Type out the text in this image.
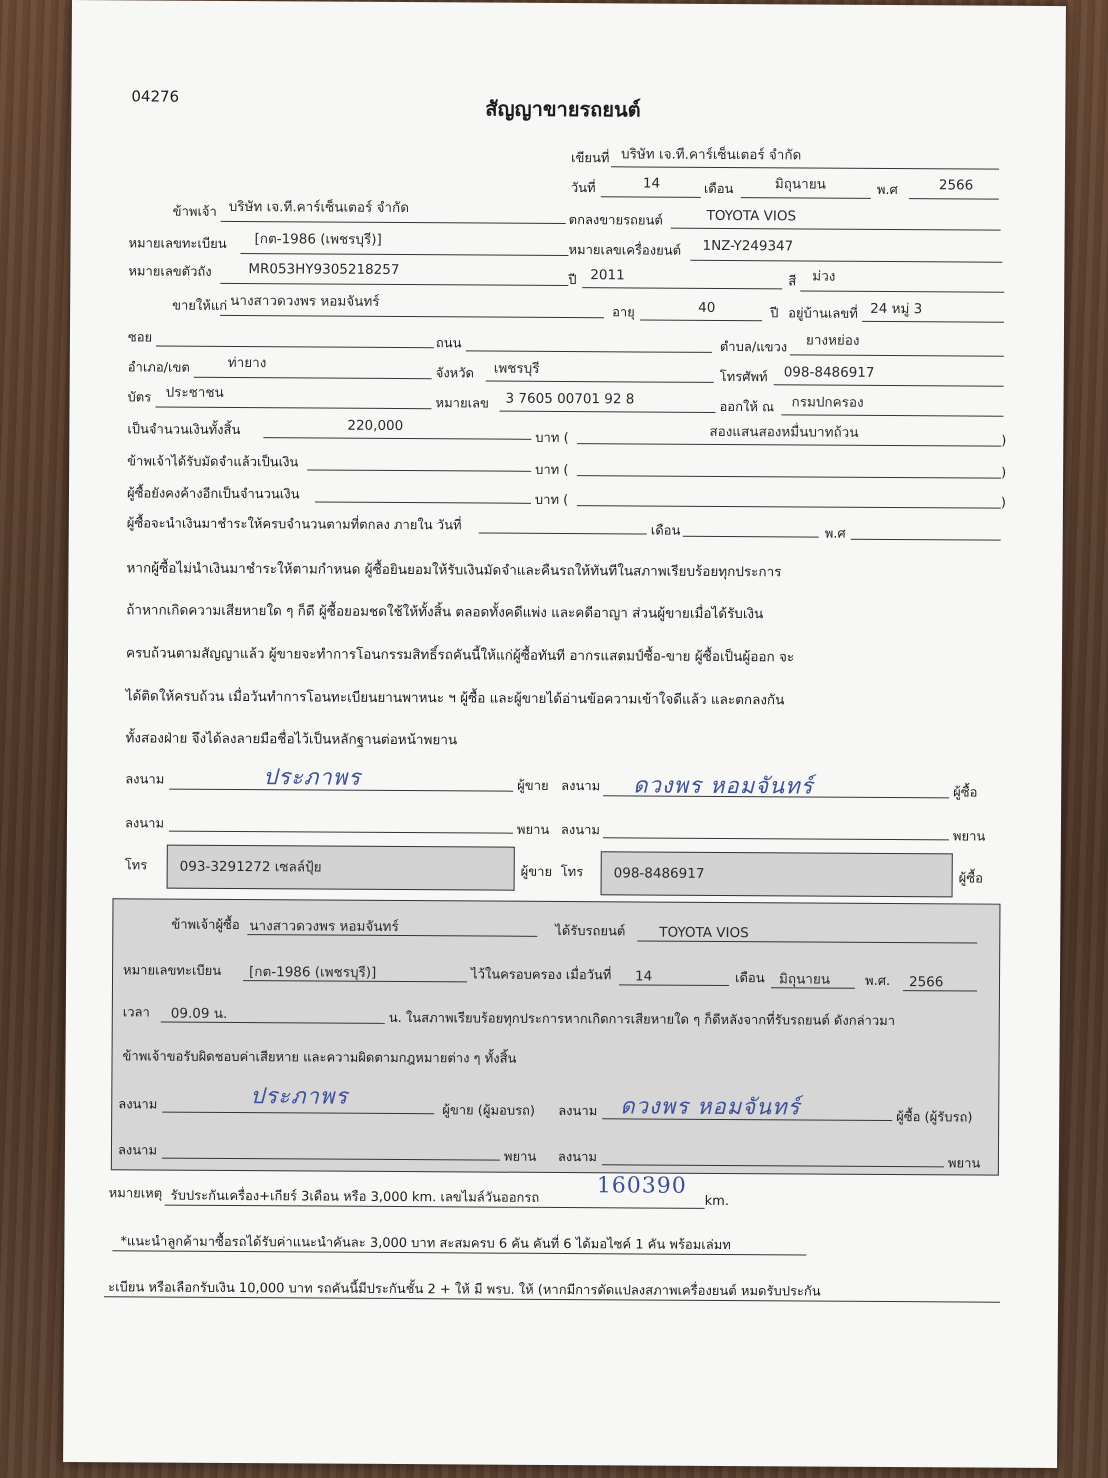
04276
สัญญาขายรถยนต์
เขียนที่ บริษัท เจ.ที.คาร์เซ็นเตอร์ จำกัด
วันที่	14	เดือน	มิถุนายน	พ.ศ	2566
ข้าพเจ้า บริษัท เจ.ที.คาร์เซ็นเตอร์ จำกัด
ตกลงขายรถยนต์	TOYOTA VIOS
หมายเลขทะเบียน [กต-1986 (เพชรบุรี)]
หมายเลขเครื่องยนต์ 1NZ-Y249347
หมายเลขตัวถัง	MR053HY9305218257
ปี 2011	สี ม่วง
ขายให้แก่ นางสาวดวงพร หอมจันทร์
อายุ	40	ปี อยู่บ้านเลขที่ 24 หมู่ 3
ซอย	ถนน	ตำบล/แขวง ยางหย่อง
อำเภอ/เขต	ท่ายาง
จังหวัด เพชรบุรี
โทรศัพท์ 098-8486917
บัตร ประชาชน
หมายเลข 3 7605 00701 92 8
ออกให้ ณ กรมปกครอง
เป็นจำนวนเงินทั้งสิ้น	220,000
บาท (	สองแสนสองหมื่นบาทถ้วน
)
ข้าพเจ้าได้รับมัดจำแล้วเป็นเงิน
บาท (	)
ผู้ซื้อยังคงค้างอีกเป็นจำนวนเงิน	บาท (	)
ผู้ซื้อจะนำเงินมาชำระให้ครบจำนวนตามที่ตกลง ภายใน วันที่	เดือน	พ.ศ
หากผู้ซื้อไม่นำเงินมาชำระให้ตามกำหนด ผู้ซื้อยินยอมให้รับเงินมัดจำและคืนรถให้ทันทีในสภาพเรียบร้อยทุกประการ
ถ้าหากเกิดความเสียหายใด ๆ ก็ดี ผู้ซื้อยอมชดใช้ให้ทั้งสิ้น ตลอดทั้งคดีแพ่ง และคดีอาญา ส่วนผู้ขายเมื่อได้รับเงิน
ครบถ้วนตามสัญญาแล้ว ผู้ขายจะทำการโอนกรรมสิทธิ์รถคันนี้ให้แก่ผู้ซื้อทันที อากรแสตมป์ซื้อ-ขาย ผู้ซื้อเป็นผู้ออก จะ
ได้ติดให้ครบถ้วน เมื่อวันทำการโอนทะเบียนยานพาหนะ ฯ ผู้ซื้อ และผู้ขายได้อ่านข้อความเข้าใจดีแล้ว และตกลงกัน
ทั้งสองฝ่าย จึงได้ลงลายมือชื่อไว้เป็นหลักฐานต่อหน้าพยาน
ลงนาม	ประภาพร	ผู้ขาย ลงนาม ดวงพร หอมจันทร์	ผู้ซื้อ
ลงนาม	พยาน ลงนาม	พยาน
โทร 093-3291272 เซลล์ปุ้ย	ผู้ขาย โทร 098-8486917	ผู้ซื้อ
ข้าพเจ้าผู้ซื้อ นางสาวดวงพร หอมจันทร์	ได้รับรถยนต์	TOYOTA VIOS
หมายเลขทะเบียน [กต-1986 (เพชรบุรี)]	ไว้ในครอบครอง เมื่อวันที่ 14	เดือน มิถุนายน	พ.ศ. 2566
เวลา 09.09 น.	น. ในสภาพเรียบร้อยทุกประการหากเกิดการเสียหายใด ๆ ก็ดีหลังจากที่รับรถยนต์ ดังกล่าวมา
ข้าพเจ้าขอรับผิดชอบค่าเสียหาย และความผิดตามกฎหมายต่าง ๆ ทั้งสิ้น
ลงนาม	ประภาพร
ผู้ขาย (ผู้มอบรถ) ลงนาม ดวงพร หอมจันทร์	ผู้ซื้อ (ผู้รับรถ)
ลงนาม	พยาน ลงนาม	พยาน
หมายเหตุ รับประกันเครื่อง+เกียร์ 3เดือน หรือ 3,000 km. เลขไมล์วันออกรถ	160390
km.
*แนะนำลูกค้ามาซื้อรถได้รับค่าแนะนำคันละ 3,000 บาท สะสมครบ 6 คัน คันที่ 6 ได้มอไซค์ 1 คัน พร้อมเล่มท
ะเบียน หรือเลือกรับเงิน 10,000 บาท รถคันนี้มีประกันชั้น 2 + ให้ มี พรบ. ให้ (หากมีการดัดแปลงสภาพเครื่องยนต์ หมดรับประกัน
